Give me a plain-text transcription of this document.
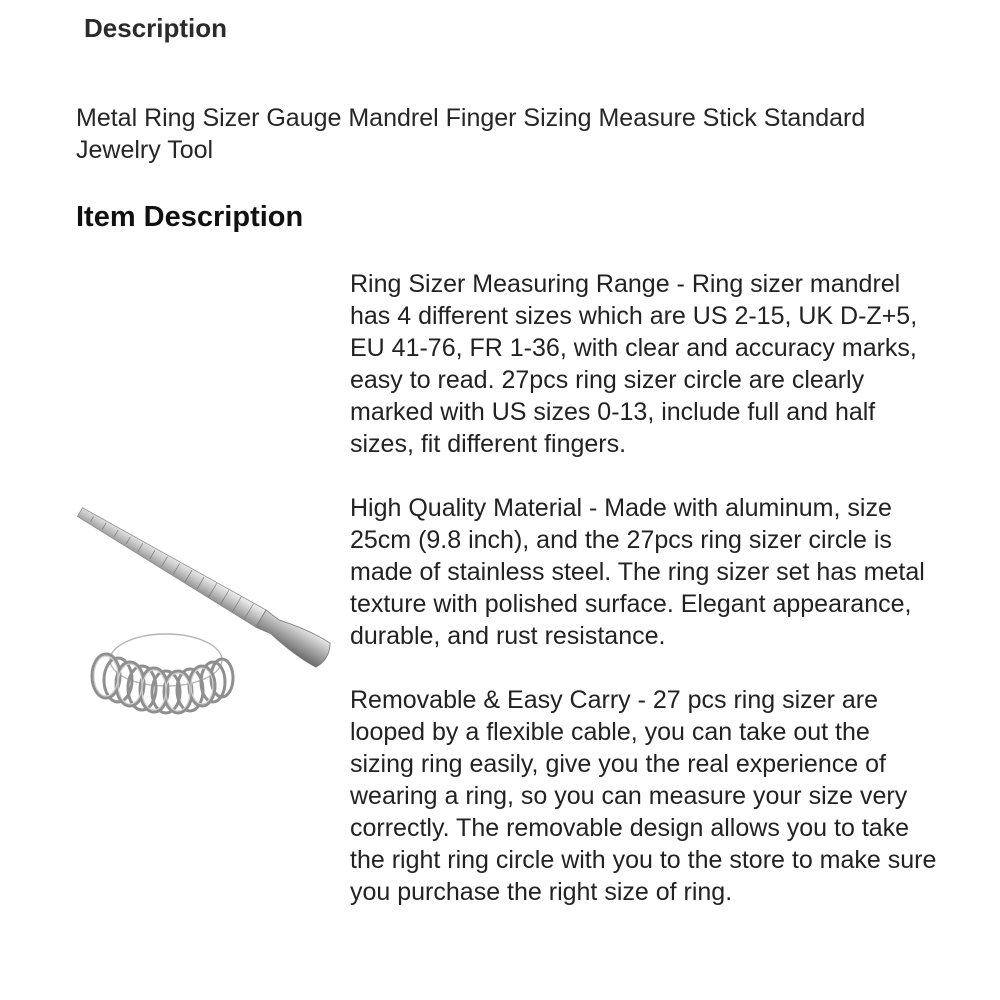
Description

Metal Ring Sizer Gauge Mandrel Finger Sizing Measure Stick Standard Jewelry Tool

Item Description

Ring Sizer Measuring Range - Ring sizer mandrel has 4 different sizes which are US 2-15, UK D-Z+5, EU 41-76, FR 1-36, with clear and accuracy marks, easy to read. 27pcs ring sizer circle are clearly marked with US sizes 0-13, include full and half sizes, fit different fingers.

High Quality Material - Made with aluminum, size 25cm (9.8 inch), and the 27pcs ring sizer circle is made of stainless steel. The ring sizer set has metal texture with polished surface. Elegant appearance, durable, and rust resistance.

Removable & Easy Carry - 27 pcs ring sizer are looped by a flexible cable, you can take out the sizing ring easily, give you the real experience of wearing a ring, so you can measure your size very correctly. The removable design allows you to take the right ring circle with you to the store to make sure you purchase the right size of ring.
